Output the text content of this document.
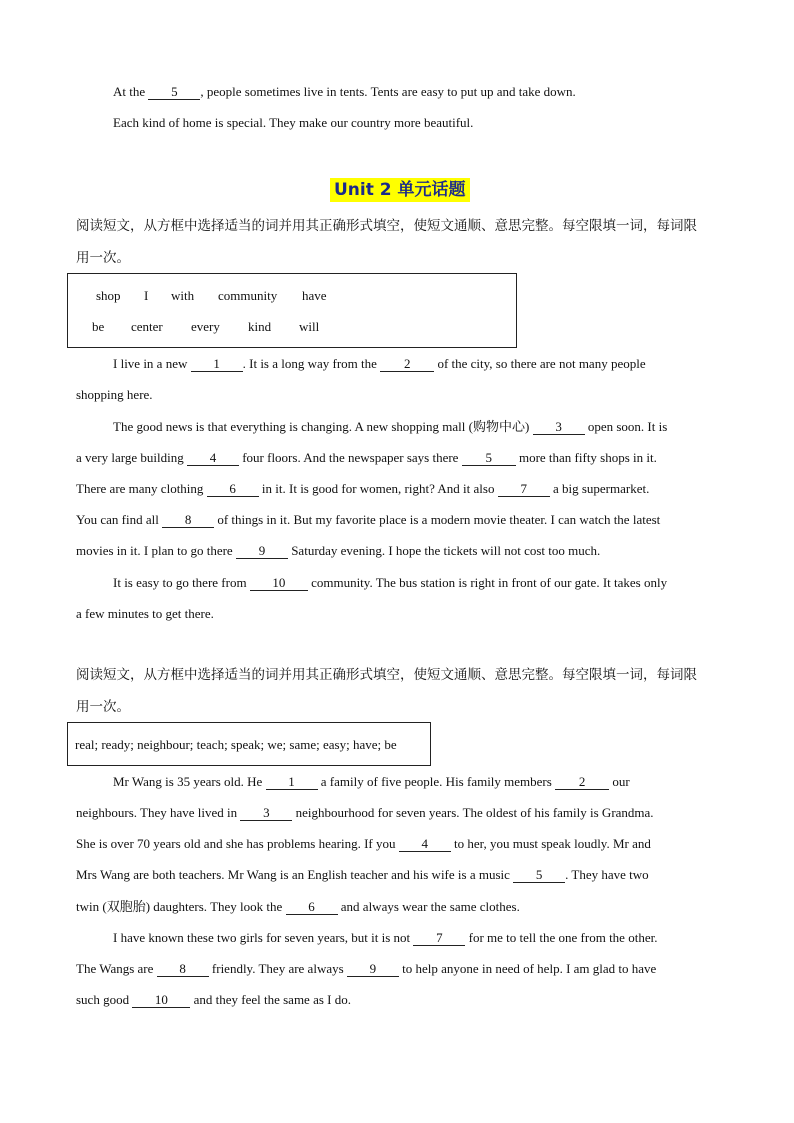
At the 5 , people sometimes live in tents. Tents are easy to put up and take down.
Each kind of home is special. They make our country more beautiful.
Unit 2 单元话题
阅读短文，从方框中选择适当的词并用其正确形式填空，使短文通顺、意思完整。每空限填一词，每词限
用一次。
shop I with community have
be center every kind will
I live in a new 1 . It is a long way from the 2 of the city, so there are not many people
shopping here.
The good news is that everything is changing. A new shopping mall (购物中心) 3 open soon. It is
a very large building 4 four floors. And the newspaper says there 5 more than fifty shops in it.
There are many clothing 6 in it. It is good for women, right? And it also 7 a big supermarket.
You can find all 8 of things in it. But my favorite place is a modern movie theater. I can watch the latest
movies in it. I plan to go there 9 Saturday evening. I hope the tickets will not cost too much.
It is easy to go there from 10 community. The bus station is right in front of our gate. It takes only
a few minutes to get there.
阅读短文，从方框中选择适当的词并用其正确形式填空，使短文通顺、意思完整。每空限填一词，每词限
用一次。
real; ready; neighbour; teach; speak; we; same; easy; have; be
Mr Wang is 35 years old. He 1 a family of five people. His family members 2 our
neighbours. They have lived in 3 neighbourhood for seven years. The oldest of his family is Grandma.
She is over 70 years old and she has problems hearing. If you 4 to her, you must speak loudly. Mr and
Mrs Wang are both teachers. Mr Wang is an English teacher and his wife is a music 5 . They have two
twin (双胞胎) daughters. They look the 6 and always wear the same clothes.
I have known these two girls for seven years, but it is not 7 for me to tell the one from the other.
The Wangs are 8 friendly. They are always 9 to help anyone in need of help. I am glad to have
such good 10 and they feel the same as I do.
